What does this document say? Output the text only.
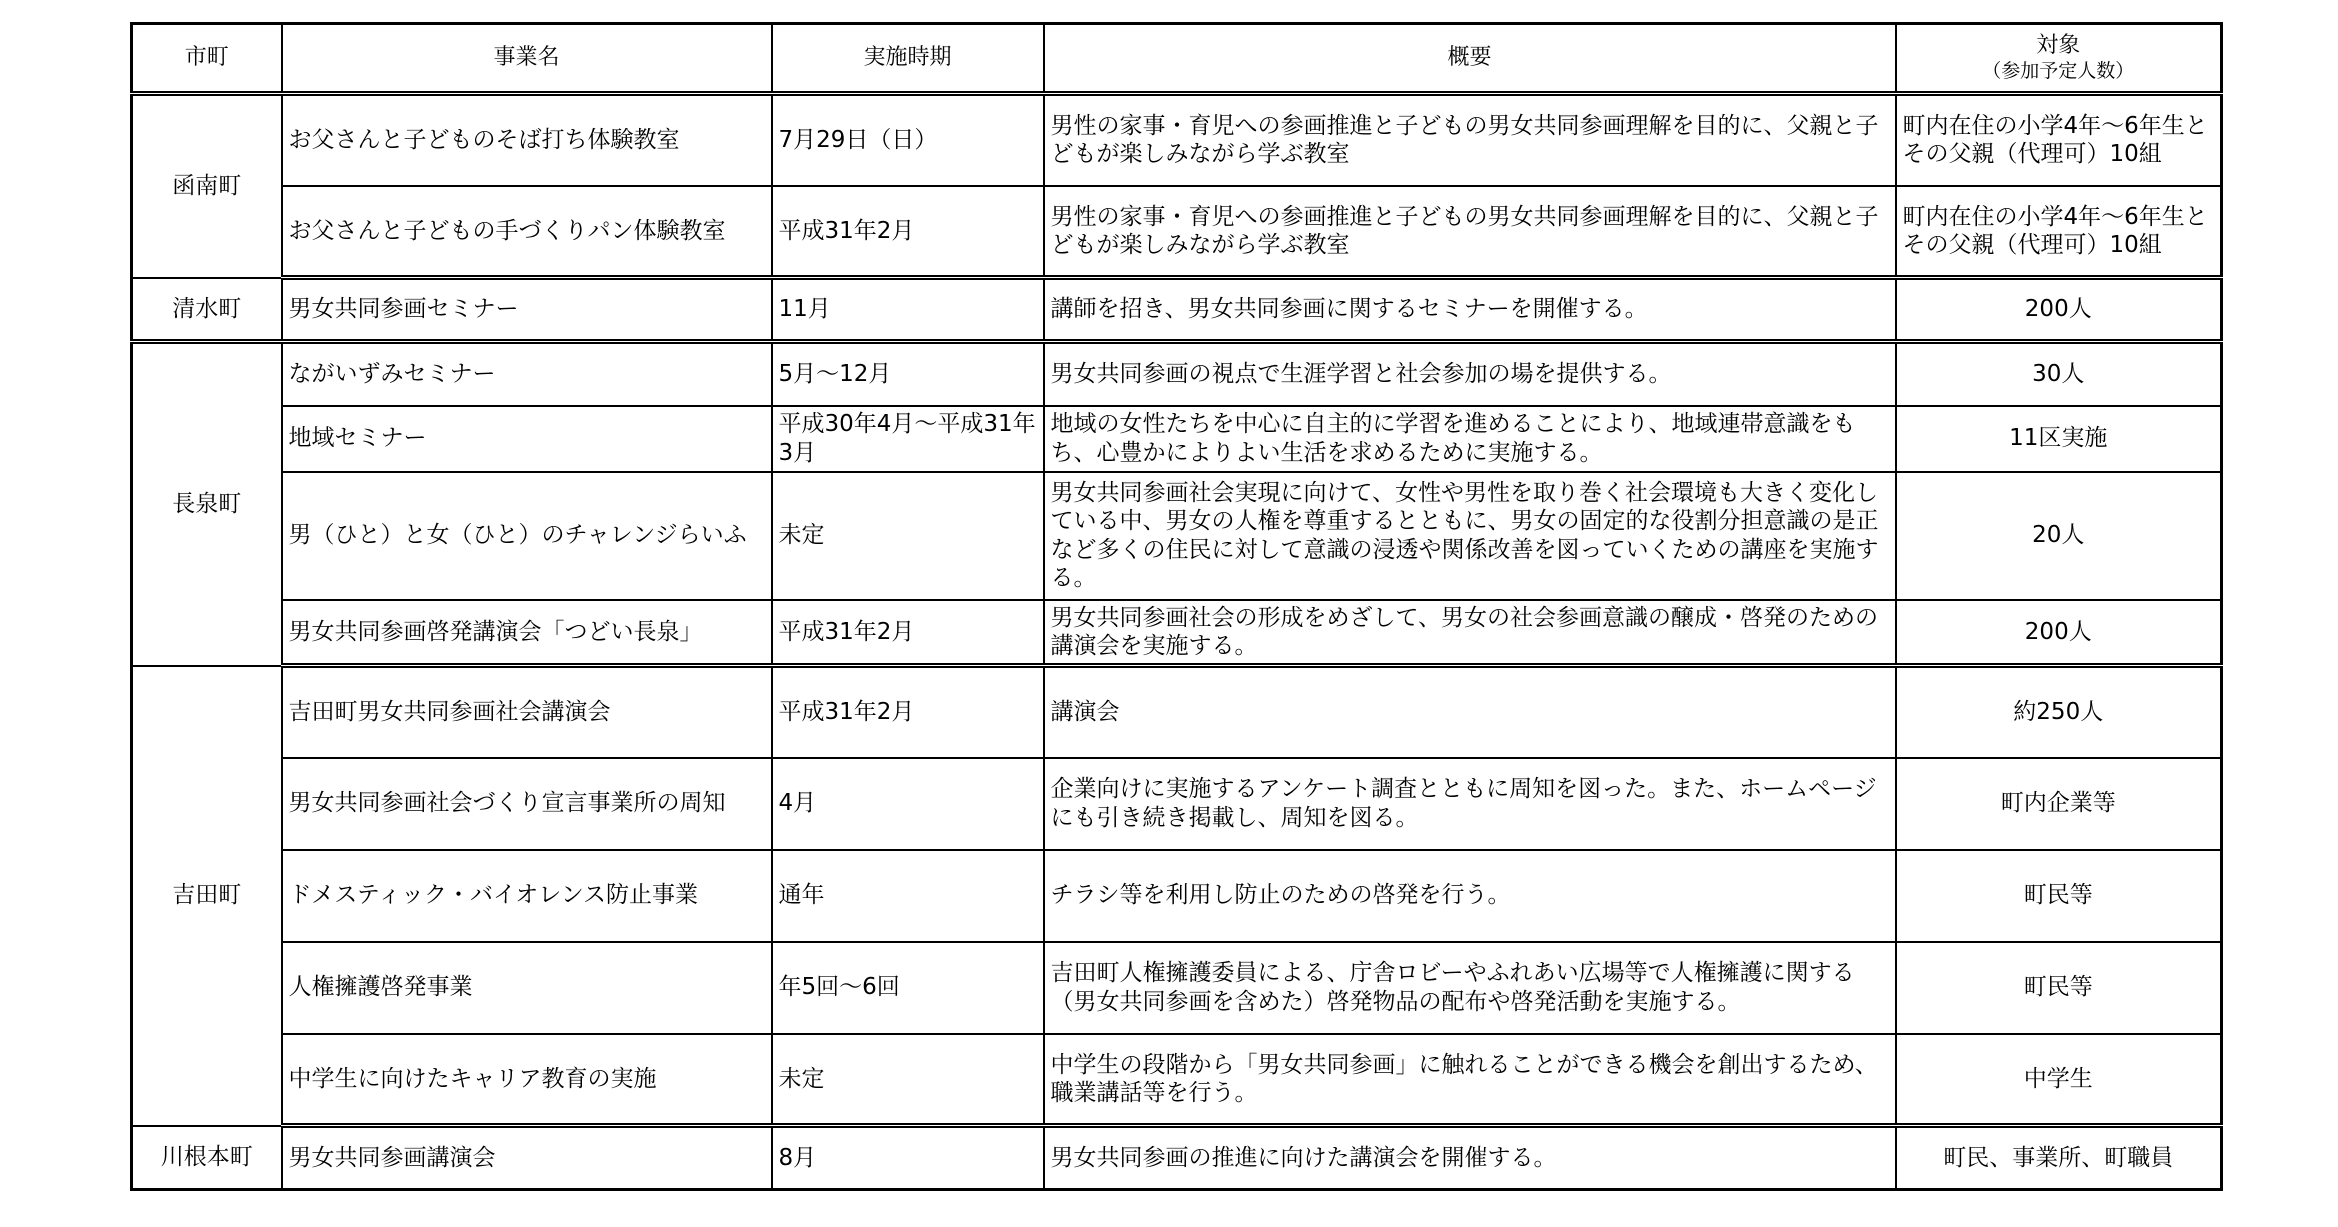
市町	事業名	実施時期	概要	対象
（参加予定人数）

函南町	お父さんと子どものそば打ち体験教室	7月29日（日）	男性の家事・育児への参画推進と子どもの男女共同参画理解を目的に、父親と子どもが楽しみながら学ぶ教室	町内在住の小学4年～6年生とその父親（代理可）10組
	お父さんと子どもの手づくりパン体験教室	平成31年2月	男性の家事・育児への参画推進と子どもの男女共同参画理解を目的に、父親と子どもが楽しみながら学ぶ教室	町内在住の小学4年～6年生とその父親（代理可）10組
清水町	男女共同参画セミナー	11月	講師を招き、男女共同参画に関するセミナーを開催する。	200人
長泉町	ながいずみセミナー	5月～12月	男女共同参画の視点で生涯学習と社会参加の場を提供する。	30人
	地域セミナー	平成30年4月～平成31年3月	地域の女性たちを中心に自主的に学習を進めることにより、地域連帯意識をもち、心豊かによりよい生活を求めるために実施する。	11区実施
	男（ひと）と女（ひと）のチャレンジらいふ	未定	男女共同参画社会実現に向けて、女性や男性を取り巻く社会環境も大きく変化している中、男女の人権を尊重するとともに、男女の固定的な役割分担意識の是正など多くの住民に対して意識の浸透や関係改善を図っていくための講座を実施する。	20人
	男女共同参画啓発講演会「つどい長泉」	平成31年2月	男女共同参画社会の形成をめざして、男女の社会参画意識の醸成・啓発のための講演会を実施する。	200人
吉田町	吉田町男女共同参画社会講演会	平成31年2月	講演会	約250人
	男女共同参画社会づくり宣言事業所の周知	4月	企業向けに実施するアンケート調査とともに周知を図った。また、ホームページにも引き続き掲載し、周知を図る。	町内企業等
	ドメスティック・バイオレンス防止事業	通年	チラシ等を利用し防止のための啓発を行う。	町民等
	人権擁護啓発事業	年5回～6回	吉田町人権擁護委員による、庁舎ロビーやふれあい広場等で人権擁護に関する（男女共同参画を含めた）啓発物品の配布や啓発活動を実施する。	町民等
	中学生に向けたキャリア教育の実施	未定	中学生の段階から「男女共同参画」に触れることができる機会を創出するため、職業講話等を行う。	中学生
川根本町	男女共同参画講演会	8月	男女共同参画の推進に向けた講演会を開催する。	町民、事業所、町職員
